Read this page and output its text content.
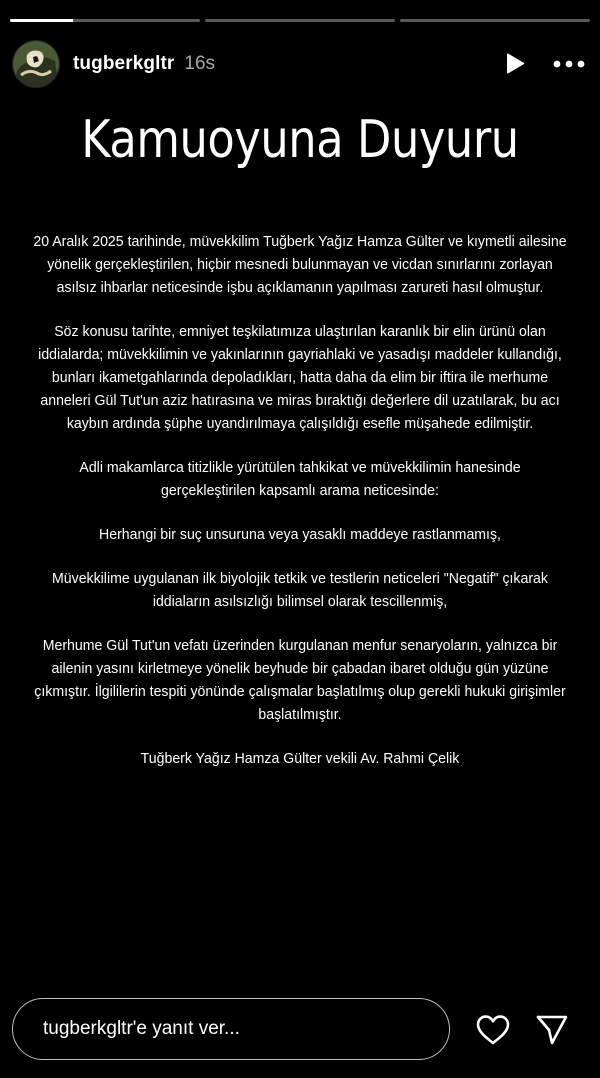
tugberkgltr 16s
Kamuoyuna Duyuru

20 Aralık 2025 tarihinde, müvekkilim Tuğberk Yağız Hamza Gülter ve kıymetli ailesine yönelik gerçekleştirilen, hiçbir mesnedi bulunmayan ve vicdan sınırlarını zorlayan asılsız ihbarlar neticesinde işbu açıklamanın yapılması zarureti hasıl olmuştur.

Söz konusu tarihte, emniyet teşkilatımıza ulaştırılan karanlık bir elin ürünü olan iddialarda; müvekkilimin ve yakınlarının gayriahlaki ve yasadışı maddeler kullandığı, bunları ikametgahlarında depoladıkları, hatta daha da elim bir iftira ile merhume anneleri Gül Tut'un aziz hatırasına ve miras bıraktığı değerlere dil uzatılarak, bu acı kaybın ardında şüphe uyandırılmaya çalışıldığı esefle müşahede edilmiştir.

Adli makamlarca titizlikle yürütülen tahkikat ve müvekkilimin hanesinde gerçekleştirilen kapsamlı arama neticesinde:

Herhangi bir suç unsuruna veya yasaklı maddeye rastlanmamış,

Müvekkilime uygulanan ilk biyolojik tetkik ve testlerin neticeleri "Negatif" çıkarak iddiaların asılsızlığı bilimsel olarak tescillenmiş,

Merhume Gül Tut'un vefatı üzerinden kurgulanan menfur senaryoların, yalnızca bir ailenin yasını kirletmeye yönelik beyhude bir çabadan ibaret olduğu gün yüzüne çıkmıştır. İlgililerin tespiti yönünde çalışmalar başlatılmış olup gerekli hukuki girişimler başlatılmıştır.

Tuğberk Yağız Hamza Gülter vekili Av. Rahmi Çelik

tugberkgltr'e yanıt ver...
